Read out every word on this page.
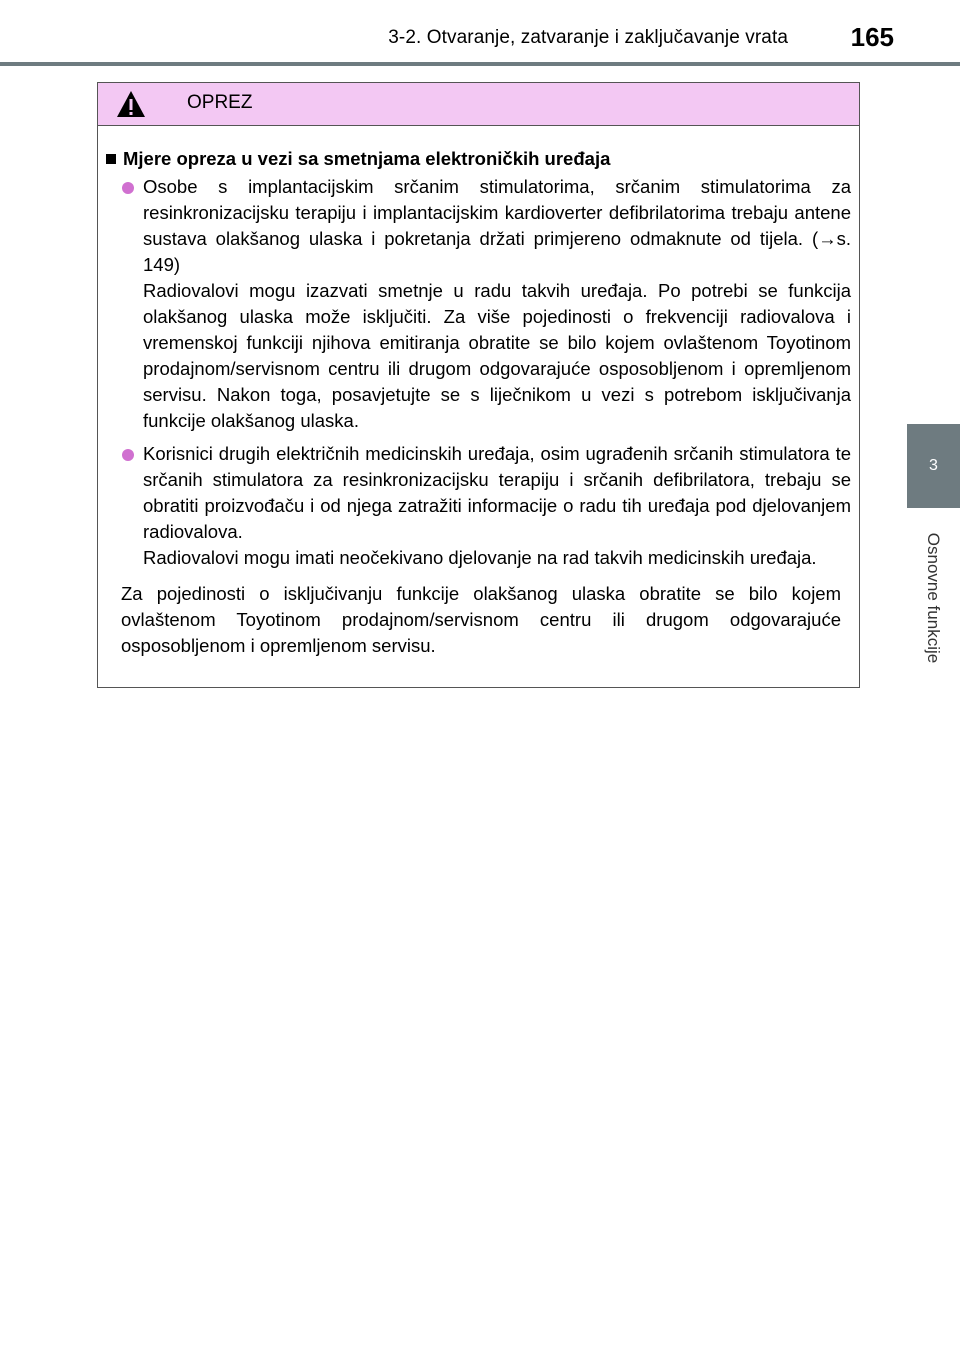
3-2. Otvaranje, zatvaranje i zaključavanje vrata 165
3
Osnovne funkcije
OPREZ
Mjere opreza u vezi sa smetnjama elektroničkih uređaja
Osobe s implantacijskim srčanim stimulatorima, srčanim stimulatorima za resinkronizacijsku terapiju i implantacijskim kardioverter defibrilatorima trebaju antene sustava olakšanog ulaska i pokretanja držati primjereno odmaknute od tijela. (→s. 149)
Radiovalovi mogu izazvati smetnje u radu takvih uređaja. Po potrebi se funkcija olakšanog ulaska može isključiti. Za više pojedinosti o frekvenciji radiovalova i vremenskoj funkciji njihova emitiranja obratite se bilo kojem ovlaštenom Toyotinom prodajnom/servisnom centru ili drugom odgovarajuće osposobljenom i opremljenom servisu. Nakon toga, posavjetujte se s liječnikom u vezi s potrebom isključivanja funkcije olakšanog ulaska.
Korisnici drugih električnih medicinskih uređaja, osim ugrađenih srčanih stimulatora te srčanih stimulatora za resinkronizacijsku terapiju i srčanih defibrilatora, trebaju se obratiti proizvođaču i od njega zatražiti informacije o radu tih uređaja pod djelovanjem radiovalova.
Radiovalovi mogu imati neočekivano djelovanje na rad takvih medicinskih uređaja.
Za pojedinosti o isključivanju funkcije olakšanog ulaska obratite se bilo kojem ovlaštenom Toyotinom prodajnom/servisnom centru ili drugom odgovarajuće osposobljenom i opremljenom servisu.
